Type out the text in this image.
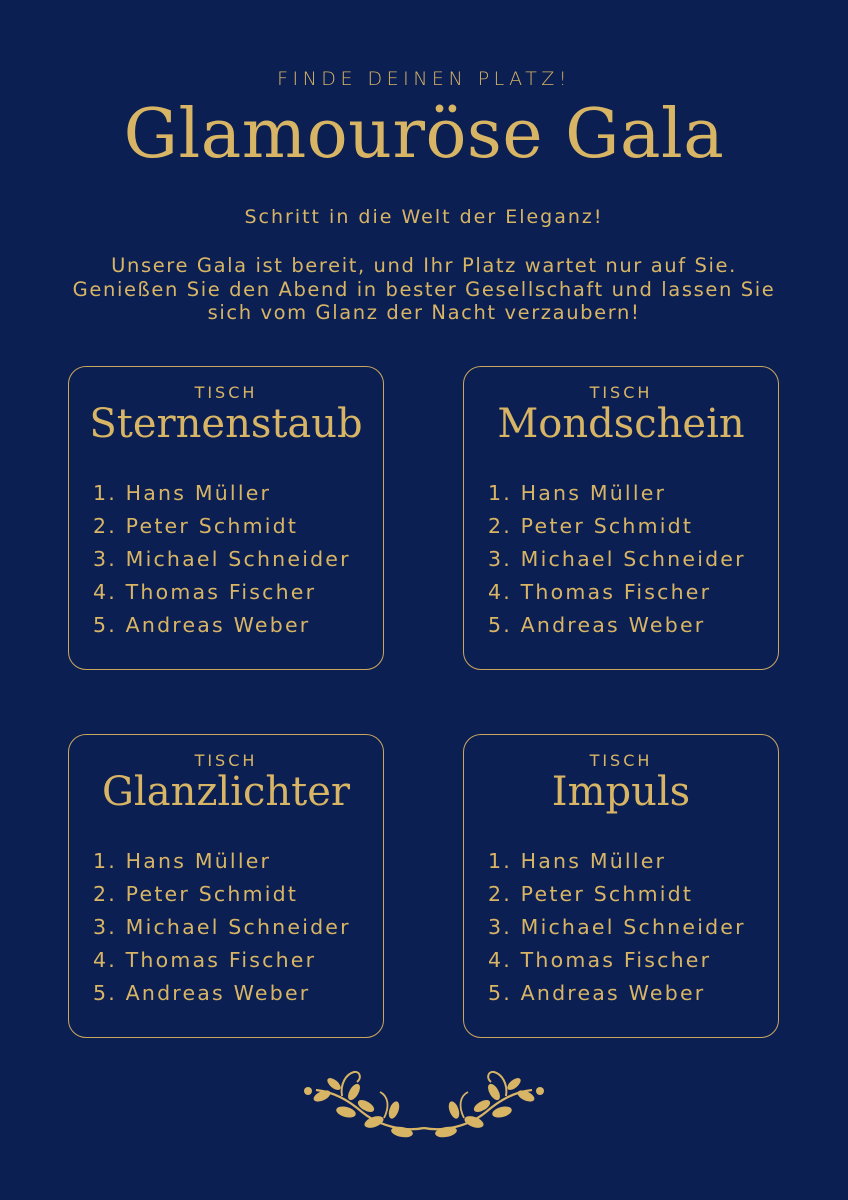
FINDE DEINEN PLATZ!
Glamouröse Gala
Schritt in die Welt der Eleganz!
Unsere Gala ist bereit, und Ihr Platz wartet nur auf Sie. Genießen Sie den Abend in bester Gesellschaft und lassen Sie sich vom Glanz der Nacht verzaubern!
TISCH
Sternenstaub
1. Hans Müller
2. Peter Schmidt
3. Michael Schneider
4. Thomas Fischer
5. Andreas Weber
TISCH
Mondschein
1. Hans Müller
2. Peter Schmidt
3. Michael Schneider
4. Thomas Fischer
5. Andreas Weber
TISCH
Glanzlichter
1. Hans Müller
2. Peter Schmidt
3. Michael Schneider
4. Thomas Fischer
5. Andreas Weber
TISCH
Impuls
1. Hans Müller
2. Peter Schmidt
3. Michael Schneider
4. Thomas Fischer
5. Andreas Weber
